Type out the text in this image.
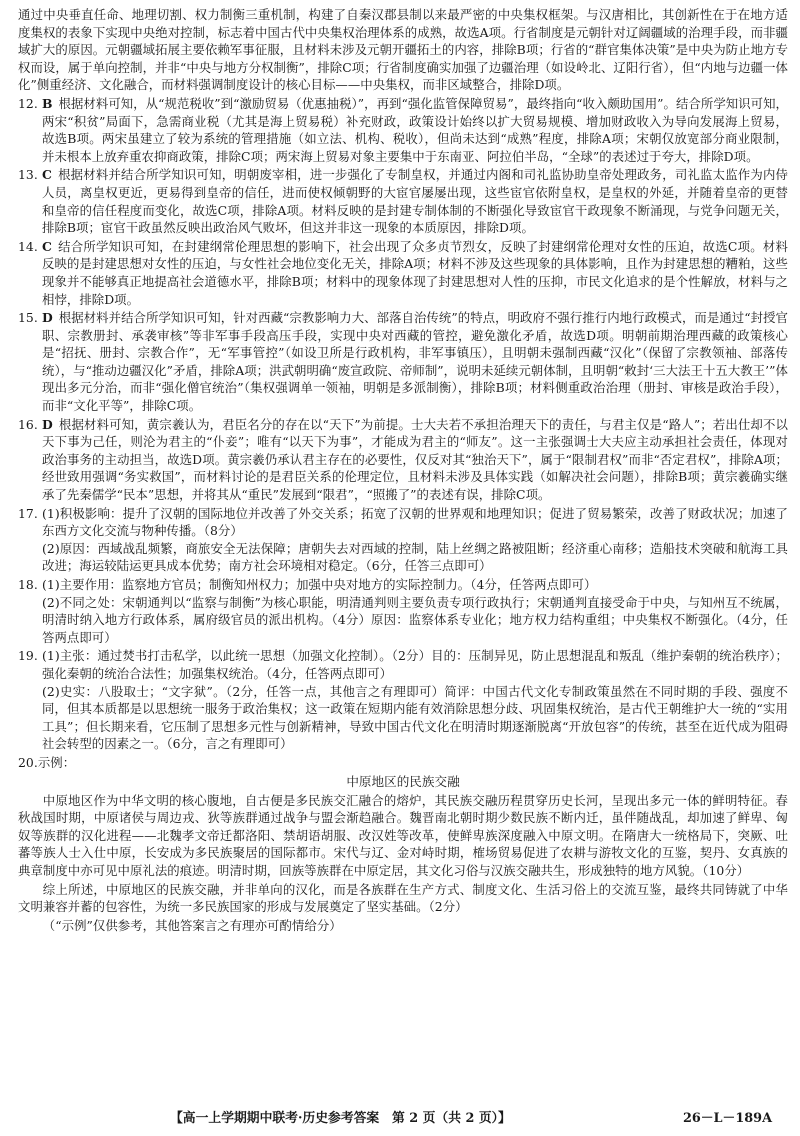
通过中央垂直任命、地理切割、权力制衡三重机制，构建了自秦汉郡县制以来最严密的中央集权框架。与汉唐相比，其创新性在于在地方适度集权的表象下实现中央绝对控制，标志着中国古代中央集权治理体系的成熟，故选A项。行省制度是元朝针对辽阔疆域的治理手段，而非疆域扩大的原因。元朝疆域拓展主要依赖军事征服，且材料未涉及元朝开疆拓土的内容，排除B项；行省的“群官集体决策”是中央为防止地方专权而设，属于单向控制，并非“中央与地方分权制衡”，排除C项；行省制度确实加强了边疆治理（如设岭北、辽阳行省），但“内地与边疆一体化”侧重经济、文化融合，而材料强调制度设计的核心目标——中央集权，而非区域整合，排除D项。

12. B 根据材料可知，从“规范税收”到“激励贸易（优惠抽税）”，再到“强化监管保障贸易”，最终指向“收入颇助国用”。结合所学知识可知，两宋“积贫”局面下，急需商业税（尤其是海上贸易税）补充财政，政策设计始终以扩大贸易规模、增加财政收入为导向发展海上贸易，故选B项。两宋虽建立了较为系统的管理措施（如立法、机构、税收），但尚未达到“成熟”程度，排除A项；宋朝仅放宽部分商业限制，并未根本上放弃重农抑商政策，排除C项；两宋海上贸易对象主要集中于东南亚、阿拉伯半岛，“全球”的表述过于夸大，排除D项。
13. C 根据材料并结合所学知识可知，明朝废宰相，进一步强化了专制皇权，并通过内阁和司礼监协助皇帝处理政务，司礼监太监作为内侍人员，离皇权更近，更易得到皇帝的信任，进而使权倾朝野的大宦官屡屡出现，这些宦官依附皇权，是皇权的外延，并随着皇帝的更替和皇帝的信任程度而变化，故选C项，排除A项。材料反映的是封建专制体制的不断强化导致宦官干政现象不断涌现，与党争问题无关，排除B项；宦官干政虽然反映出政治风气败坏，但这并非这一现象的本质原因，排除D项。
14. C 结合所学知识可知，在封建纲常伦理思想的影响下，社会出现了众多贞节烈女，反映了封建纲常伦理对女性的压迫，故选C项。材料反映的是封建思想对女性的压迫，与女性社会地位变化无关，排除A项；材料不涉及这些现象的具体影响，且作为封建思想的糟粕，这些现象并不能够真正地提高社会道德水平，排除B项；材料中的现象体现了封建思想对人性的压抑，市民文化追求的是个性解放，材料与之相悖，排除D项。
15. D 根据材料并结合所学知识可知，针对西藏“宗教影响力大、部落自治传统”的特点，明政府不强行推行内地行政模式，而是通过“封授官职、宗教册封、承袭审核”等非军事手段高压手段，实现中央对西藏的管控，避免激化矛盾，故选D项。明朝前期治理西藏的政策核心是“招抚、册封、宗教合作”，无“军事管控”（如设卫所是行政机构，非军事镇压），且明朝未强制西藏“汉化”（保留了宗教领袖、部落传统），与“推动边疆汉化”矛盾，排除A项；洪武朝明确“废宣政院、帝师制”，说明未延续元朝体制，且明朝“敕封‘三大法王十五大教王’”体现出多元分治，而非“强化僧官统治”（集权强调单一领袖，明朝是多派制衡），排除B项；材料侧重政治治理（册封、审核是政治手段），而非“文化平等”，排除C项。
16. D 根据材料可知，黄宗羲认为，君臣名分的存在以“天下”为前提。士大夫若不承担治理天下的责任，与君主仅是“路人”；若出仕却不以天下事为己任，则沦为君主的“仆妾”；唯有“以天下为事”，才能成为君主的“师友”。这一主张强调士大夫应主动承担社会责任，体现对政治事务的主动担当，故选D项。黄宗羲仍承认君主存在的必要性，仅反对其“独治天下”，属于“限制君权”而非“否定君权”，排除A项；经世致用强调“务实救国”，而材料讨论的是君臣关系的伦理定位，且材料未涉及具体实践（如解决社会问题），排除B项；黄宗羲确实继承了先秦儒学“民本”思想，并将其从“重民”发展到“限君”，“照搬了”的表述有误，排除C项。
17. (1)积极影响：提升了汉朝的国际地位并改善了外交关系；拓宽了汉朝的世界观和地理知识；促进了贸易繁荣，改善了财政状况；加速了东西方文化交流与物种传播。（8分）
(2)原因：西域战乱频繁，商旅安全无法保障；唐朝失去对西域的控制，陆上丝绸之路被阻断；经济重心南移；造船技术突破和航海工具改进；海运较陆运更具成本优势；南方社会环境相对稳定。（6分，任答三点即可）
18. (1)主要作用：监察地方官员；制衡知州权力；加强中央对地方的实际控制力。（4分，任答两点即可）
(2)不同之处：宋朝通判以“监察与制衡”为核心职能，明清通判则主要负责专项行政执行；宋朝通判直接受命于中央，与知州互不统属，明清时纳入地方行政体系，属府级官员的派出机构。（4分）原因：监察体系专业化；地方权力结构重组；中央集权不断强化。（4分，任答两点即可）
19. (1)主张：通过焚书打击私学，以此统一思想（加强文化控制）。（2分）目的：压制异见，防止思想混乱和叛乱（维护秦朝的统治秩序）；强化秦朝的统治合法性；加强集权统治。（4分，任答两点即可）
(2)史实：八股取士；“文字狱”。（2分，任答一点，其他言之有理即可）简评：中国古代文化专制政策虽然在不同时期的手段、强度不同，但其本质都是以思想统一服务于政治集权；这一政策在短期内能有效消除思想分歧、巩固集权统治，是古代王朝维护大一统的“实用工具”；但长期来看，它压制了思想多元性与创新精神，导致中国古代文化在明清时期逐渐脱离“开放包容”的传统，甚至在近代成为阻碍社会转型的因素之一。（6分，言之有理即可）

20.示例：

中原地区的民族交融

中原地区作为中华文明的核心腹地，自古便是多民族交汇融合的熔炉，其民族交融历程贯穿历史长河，呈现出多元一体的鲜明特征。春秋战国时期，中原诸侯与周边戎、狄等族群通过战争与盟会渐趋融合。魏晋南北朝时期少数民族不断内迁，虽伴随战乱，却加速了鲜卑、匈奴等族群的汉化进程——北魏孝文帝迁都洛阳、禁胡语胡服、改汉姓等改革，使鲜卑族深度融入中原文明。在隋唐大一统格局下，突厥、吐蕃等族人士入仕中原，长安成为多民族聚居的国际都市。宋代与辽、金对峙时期，榷场贸易促进了农耕与游牧文化的互鉴，契丹、女真族的典章制度中亦可见中原礼法的痕迹。明清时期，回族等族群在中原定居，其文化习俗与汉族交融共生，形成独特的地方风貌。（10分）

综上所述，中原地区的民族交融，并非单向的汉化，而是各族群在生产方式、制度文化、生活习俗上的交流互鉴，最终共同铸就了中华文明兼容并蓄的包容性，为统一多民族国家的形成与发展奠定了坚实基础。（2分）

（“示例”仅供参考，其他答案言之有理亦可酌情给分）

【高一上学期期中联考·历史参考答案　第 2 页（共 2 页）】	26－L－189A
